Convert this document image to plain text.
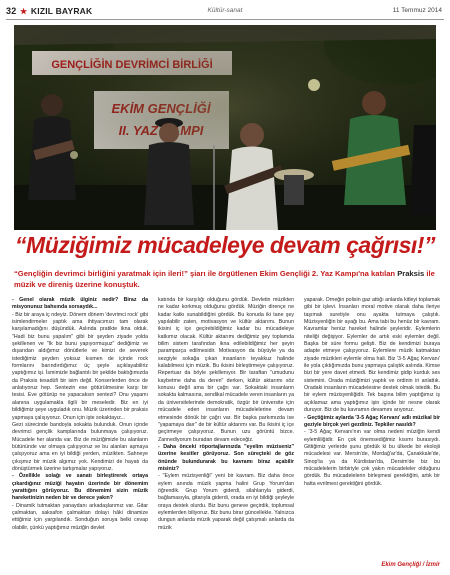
32 ★ KIZIL BAYRAK	Kültür-sanat	11 Temmuz 2014
“Müziğimiz mücadeleye devam çağrısı!”
“Gençliğin devrimci birliğini yaratmak için ileri!” şiarı ile örgütlenen Ekim Gençliği 2. Yaz Kampı'na katılan Praksis ile müzik ve direniş üzerine konuştuk.

- Genel olarak müzik ülginiz nedir? Biraz da misyonunuz bahsında sorsaydık...

- Biz bir araya iç ndeyiz. Dönem dönem 'devrimci rock' gibi isimlendirmeler yaptık ama ihtiyacımızı tam olarak karşılamadığını düşündük. Aslında pratikte ikna olduk. "Hadi biz bunu yapalım" gibi bir şeyden ziyade yolda şekillenen ve "Ik biz bunu yapıyormuşuz" dediğimiz ve dışarıdan aldığımız dönütlerle ve kimizi de severek istediğimiz şeyden yoksuz kısmen de içinde rock formlarını barındırdığımız üç şeyle açıklayabiliriz yaptığımız işi. İsmimizle bağlantılı bir şekilde baktığımızda da Praksis tesadüfi bir isim değil. Konserlerden önce de anlatıyoruz hep. Sentezin ese götürülmesine karşı bir tesisi. Eve götürüp ne yapacaksın sentezi? Onu yaşamı alanına uygulamakla ilgili bir meseledir. Biz en iyi bildiğimiz şeye uyguladık onu. Müzik üzerinden bir praksis yapmaya çalışıyoruz. Onun için işte sokaktayız...

Gezi sürecinde bandoyla sokakta bulunduk. Onun içinde devrimci gençlik kamplarında bulunmaya çalışıyoruz. Mücadele her alanda var. Biz de müziğimizle bu alanların bütününde var olmaya çalışıyoruz ve bu alanları aşmaya çalışıyoruz ama en iyi bildiği yerden, müzikten. Sahneye çıkışmız bir müzik algımız yok. Kendimizi de hayatı da dönüştürmek üzerine tartışmalar yapıyoruz.

- Özellikle solağı ve sanatı birleştirerek ortaya çıkardığınız müziği hayatın üzerinde bir dönemim yarattığını görüyoruz. Bu dönemimi sizin müzik hareketinizin neden bir ve derece yakın?

- Dinamik tutmaktan yanaydanı arkadaşlarımız var. Gitar çalmaktan, saksafon çalmaktan dolayı hâki dinamize ettiğimiz için yargılandık. Sonduğun soruya belki cevap olabilir, çünkü yaptığımız müziğin devlet

katında bir karşılığı olduğunu gördük. Devletin müzikten ne kadar korkmuş olduğunu gördük. Müziğin dirençe ne kadar katkı sunabildiğini gördük. Bu konuda iki tane şey yapılabilir zaten, motivasyon ve kültür aktarımı. Bunun ikisini iç içe geçirebildiğimiz kadar bu mücadeleye katkımız olacak. Kültür aktarımı dediğimiz şey toplamda bilim sistem tarafından ikna edilebildiğimiz her şeyin paramparça edilmesidir. Motivasyon da büyüyle ya da sezgiyle sokağa çıkan insanların teyakkuz halinde kalabilmesi için müzik. Bu ikisini birleştirmeye çalışıyoruz. Repertuar da böyle şekillenıyor. Bir taraftan "umudunu kaybetme daha da deren" derken, kültür aktarımı söz konusu değil ama bir çağrı var. Sokaktaki insanların sokakta kalmasına, sendikal mücadele veren insanların ya da üniversitelerinde demokratik, özgür bir üniversite için mücadele eden insanların mücadelelerine devam etmesinde dönük bir çağrı var. Bir başka parkımızda ise "yapamaya daır" de bir kültür aktarımı var. Bu ikisini iç içe geçirmeye çalışıyoruz. Bunun uzu görüntü bizce. Zannediyorum buradan devam edeceğiz.

- Daha önceki röportajlarınızda "eyelim müziseniz" üzerine kesitler görüyoruz. Son süreçteki de göz önünde bulundurarak bu kavramı biraz açabilir misiniz?

- "Eylem müzisyenliği" yeni bir kavram. Biz daha önce eylem anında müzik yapma halini Grup Yorum'dan öğrendik. Grup Yorum giderdi, silahlarıyla giderdi, bağlamasıyla, gitarıyla giderdi, orada en iyi bildiği şeyleyle oraya destek olurdu. Biz bunu geneve geçirdik, toplumsal eylemlerden biliyoruz. Biz bunu birar güncellekle. Yalnızca dungun anlarda müzik yaparak değil çatışmalı anlarda da müzik

yaparak. Örneğin polisin gaz attığı anlarda kitleyi toplamak gibi bir işlevi. İnsanları moral motive olarak daha ileriye taşımak suretiyle onu ayakta tutmaya çalıştık. Müzisyenliğin bir ayağı bu. Ama tabi bu henüz bir kavram. Kavramlar henüz hareket halinde şeyleridir. Eylemlerin niteliği değişiyor. Eylemler de artık eski eylemler değil. Başka bir süre formu gelişti. Biz de kendimizi buraya adapte etmeye çalışıyoruz. Eylemlere müzik katmaktan ziyade müzikleri eylemle olma hali. Biz '3-5 Ağaç Kervanı' ile yola çıktığımızda bunu yapmaya çalıştık aslında. Kimse bizi bir yere davet etmedi. Biz kendimiz gidip kurduk ses sistemini. Orada müziğimizi yaptık ve ordinin iri anlattık. Oradaki insanların mücadelesine destek olmak istedik. Bu bir eylem müzisyenliğidir. Tek başına bilim yaptığımız iş açıklamaz ama yaptığımız işin içinde bir nesne olarak duruyor. Biz de bu kavramın devamını arıyoruz.

- Geçtiğimiz aylarda '3-5 Ağaç Kervanı' adlı müzikal bir geziyle birçok yeri gezdiniz. Tepkiler nasıldı?

- '3-5 Ağaç Kervanı'nın var olma nedeni müziğin kendi eylemliliğidir. En çok önemsediğimiz kısımı burasıydı. Gittiğimiz yerlerde şunu gördük ki bu ülkede bir ekolojii mücadelesi var. Mersin'de, Mordağ'ar'da, Çanakkale'de, Sinop'ta ya da Kürdistan'da, Dersim'de biz bu mücadelelerin birbiriyle çok yakın mücadeleler olduğunu gördük. Bu mücadelelerin birleşmesi gerektiğini, artık bir hatta evrilmesi gerektiğini gördük.

Ekim Gençliği / İzmir
